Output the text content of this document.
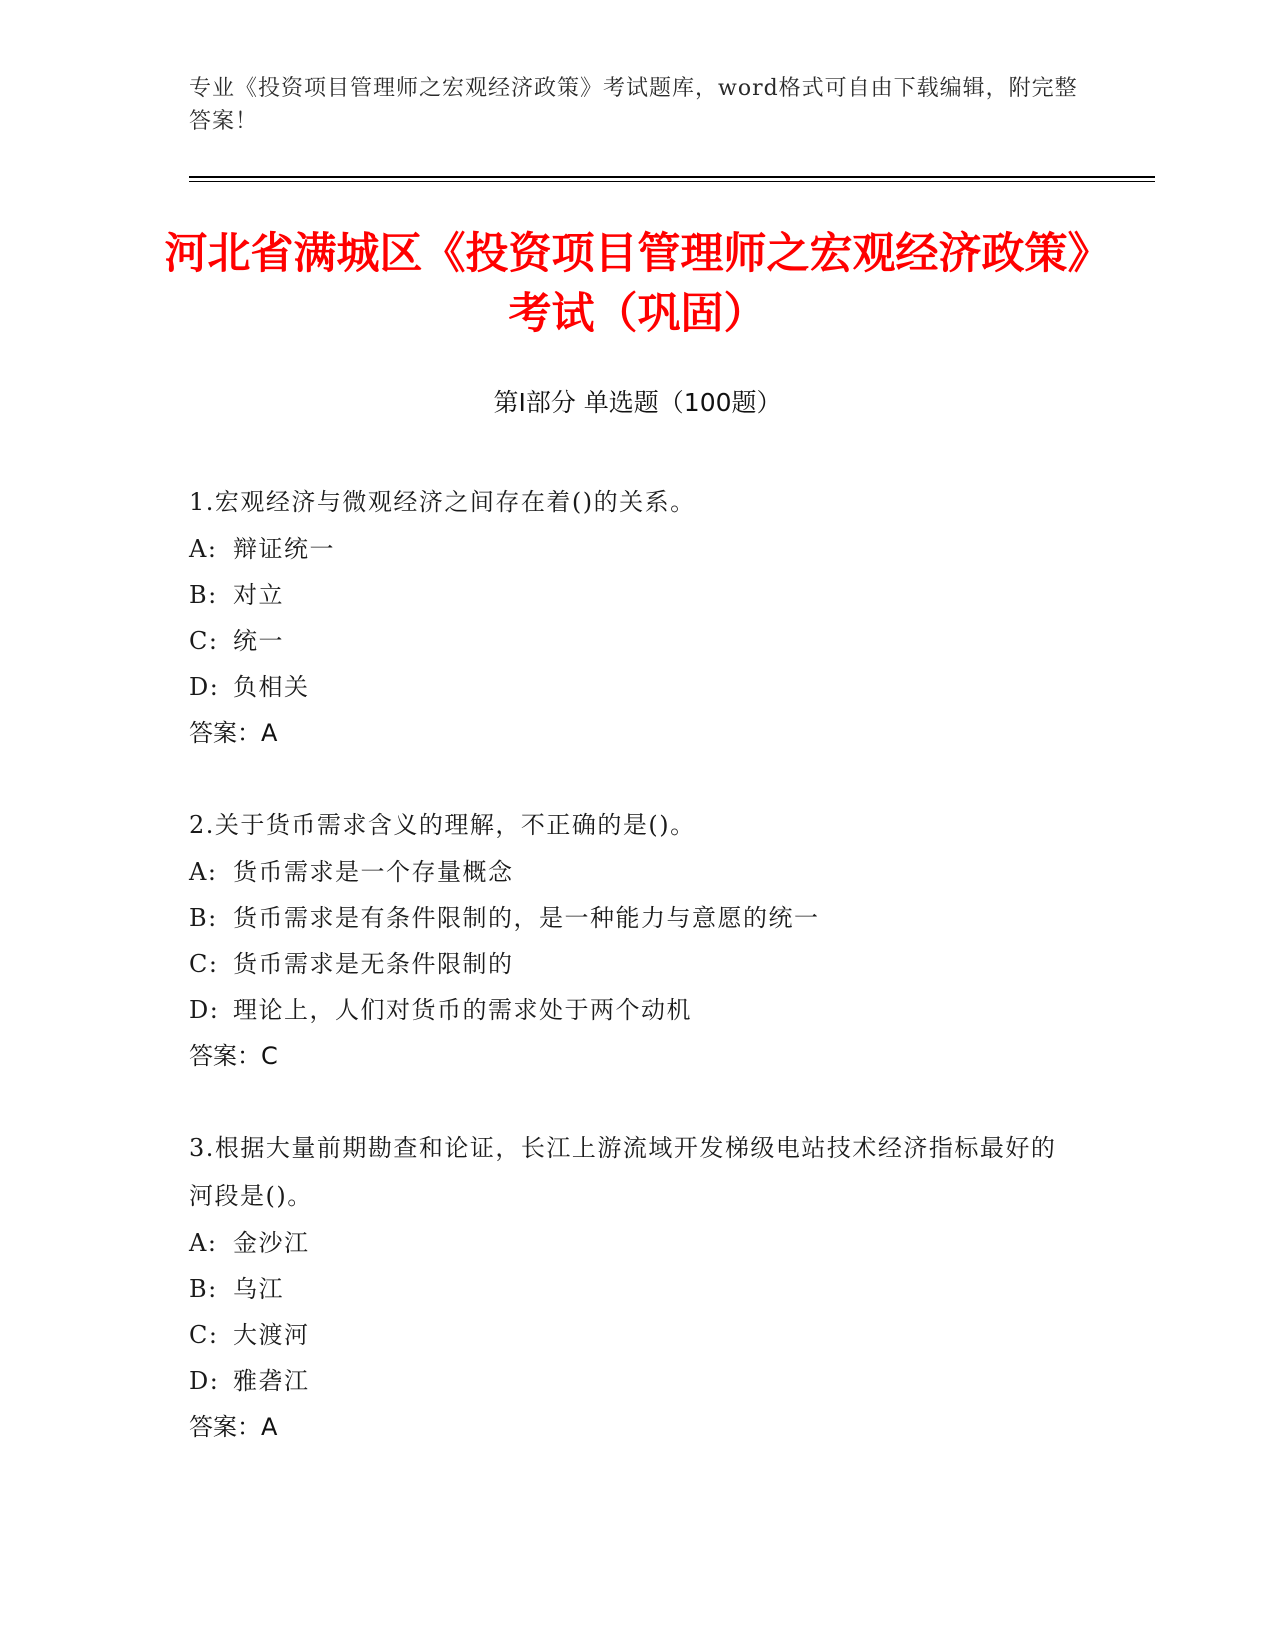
专业《投资项目管理师之宏观经济政策》考试题库，word格式可自由下载编辑，附完整答案！
河北省满城区《投资项目管理师之宏观经济政策》考试（巩固）
第Ⅰ部分 单选题（100题）

1.宏观经济与微观经济之间存在着()的关系。

A: 辩证统一

B: 对立

C: 统一

D: 负相关

答案：A

2.关于货币需求含义的理解，不正确的是()。

A: 货币需求是一个存量概念

B: 货币需求是有条件限制的，是一种能力与意愿的统一

C: 货币需求是无条件限制的

D: 理论上，人们对货币的需求处于两个动机

答案：C

3.根据大量前期勘查和论证，长江上游流域开发梯级电站技术经济指标最好的河段是()。

A: 金沙江

B: 乌江

C: 大渡河

D: 雅砻江

答案：A
